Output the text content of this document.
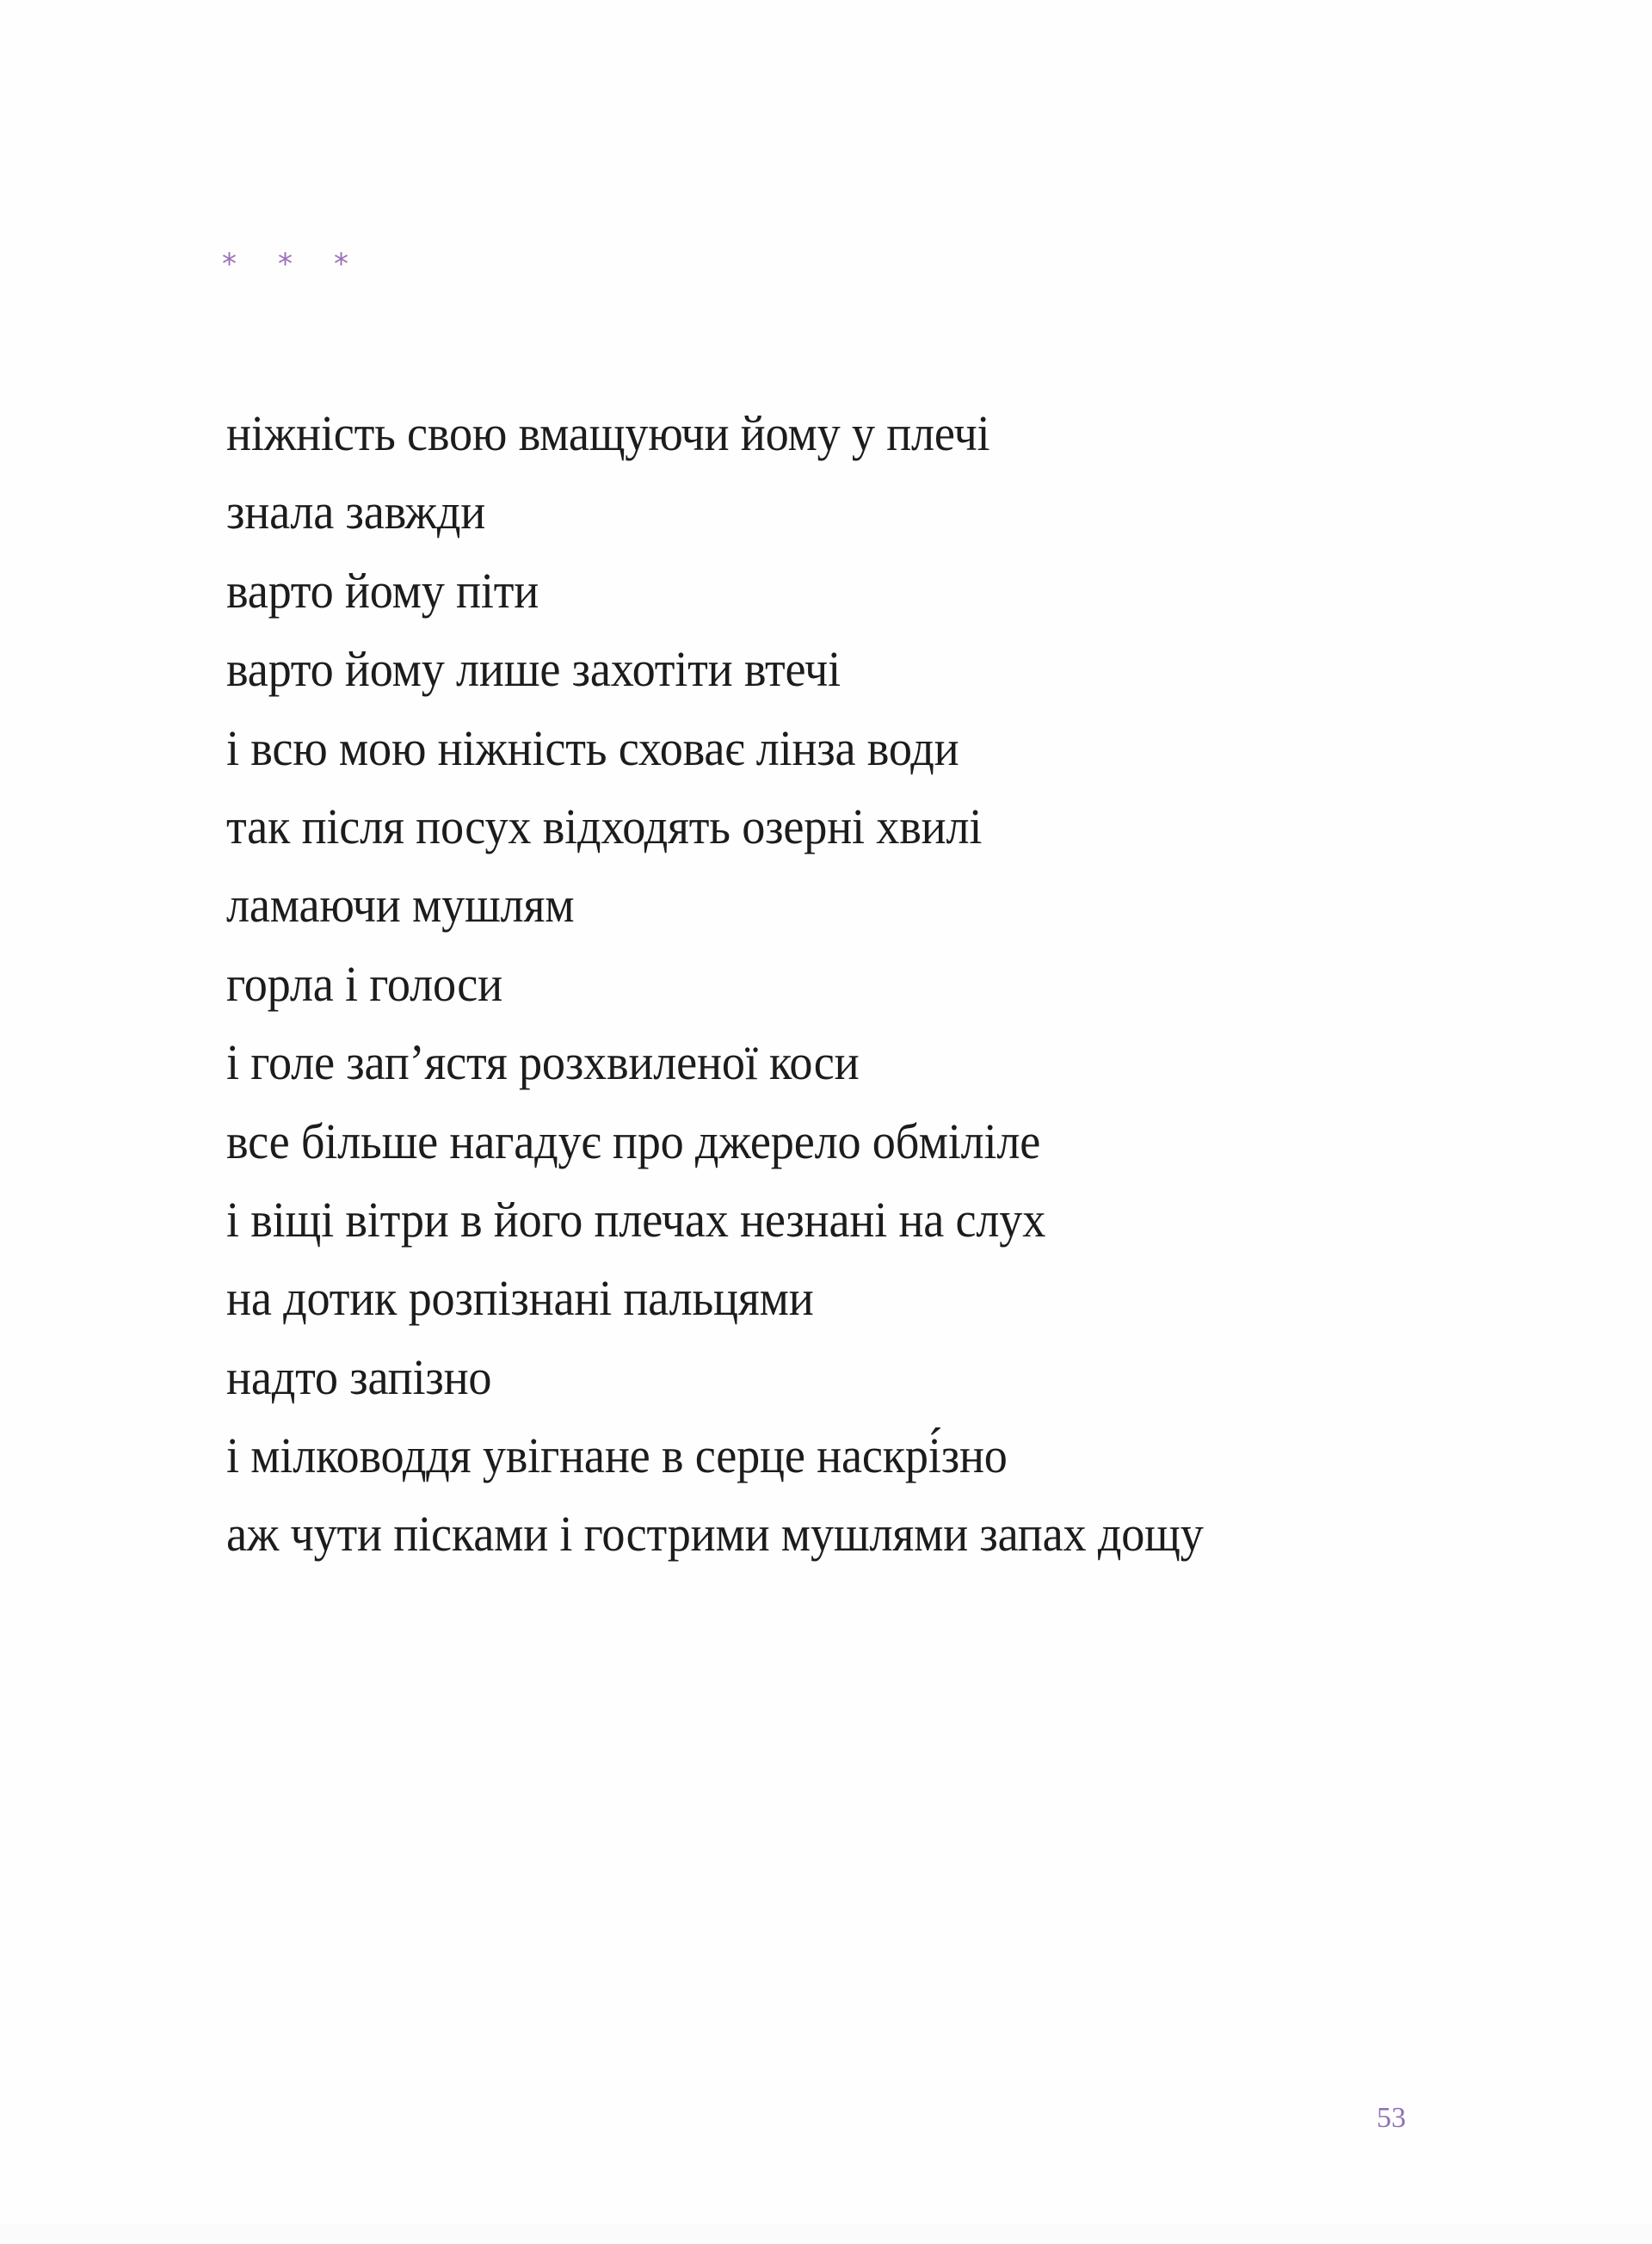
*	*	*
ніжність свою вмащуючи йому у плечі
знала завжди
варто йому піти
варто йому лише захотіти втечі
і всю мою ніжність сховає лінза води
так після посух відходять озерні хвилі
ламаючи мушлям
горла і голоси
і голе зап’ястя розхвиленої коси
все більше нагадує про джерело обміліле
і віщі вітри в його плечах незнані на слух
на дотик розпізнані пальцями
надто запізно
і мілководдя увігнане в серце наскрі́зно
аж чути пісками і гострими мушлями запах дощу
53
